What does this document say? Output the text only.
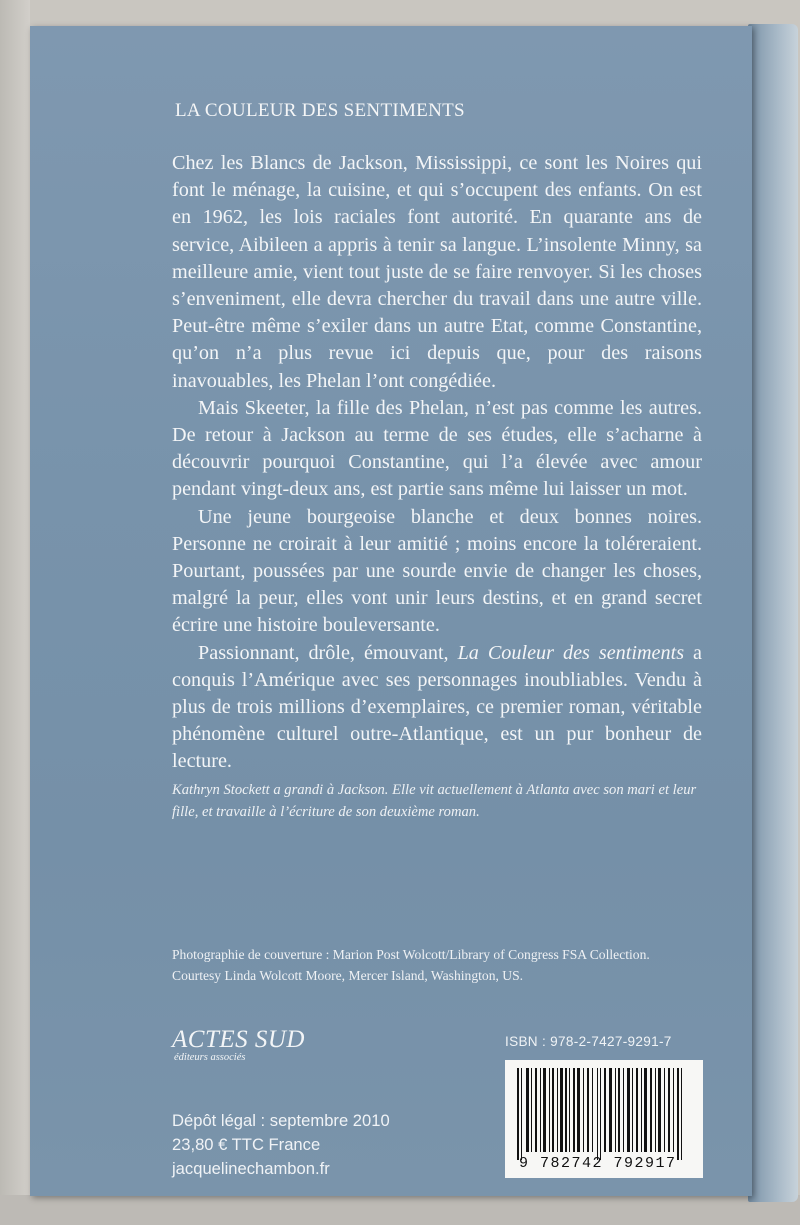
LA COULEUR DES SENTIMENTS

Chez les Blancs de Jackson, Mississippi, ce sont les Noires qui font le ménage, la cuisine, et qui s’occupent des enfants. On est en 1962, les lois raciales font autorité. En quarante ans de service, Aibileen a appris à tenir sa langue. L’insolente Minny, sa meilleure amie, vient tout juste de se faire renvoyer. Si les choses s’enveniment, elle devra chercher du travail dans une autre ville. Peut-être même s’exiler dans un autre Etat, comme Constantine, qu’on n’a plus revue ici depuis que, pour des raisons inavouables, les Phelan l’ont congédiée.

Mais Skeeter, la fille des Phelan, n’est pas comme les autres. De retour à Jackson au terme de ses études, elle s’acharne à découvrir pourquoi Constantine, qui l’a élevée avec amour pendant vingt-deux ans, est partie sans même lui laisser un mot.

Une jeune bourgeoise blanche et deux bonnes noires. Personne ne croirait à leur amitié ; moins encore la toléreraient. Pourtant, poussées par une sourde envie de changer les choses, malgré la peur, elles vont unir leurs destins, et en grand secret écrire une histoire bouleversante.

Passionnant, drôle, émouvant, La Couleur des sentiments a conquis l’Amérique avec ses personnages inoubliables. Vendu à plus de trois millions d’exemplaires, ce premier roman, véritable phénomène culturel outre-Atlantique, est un pur bonheur de lecture.

Kathryn Stockett a grandi à Jackson. Elle vit actuellement à Atlanta avec son mari et leur fille, et travaille à l’écriture de son deuxième roman.

Photographie de couverture : Marion Post Wolcott/Library of Congress FSA Collection.

Courtesy Linda Wolcott Moore, Mercer Island, Washington, US.

ACTES SUD
éditeurs associés

Dépôt légal : septembre 2010

23,80 € TTC France

jacquelinechambon.fr

ISBN : 978-2-7427-9291-7
9 782742 792917
